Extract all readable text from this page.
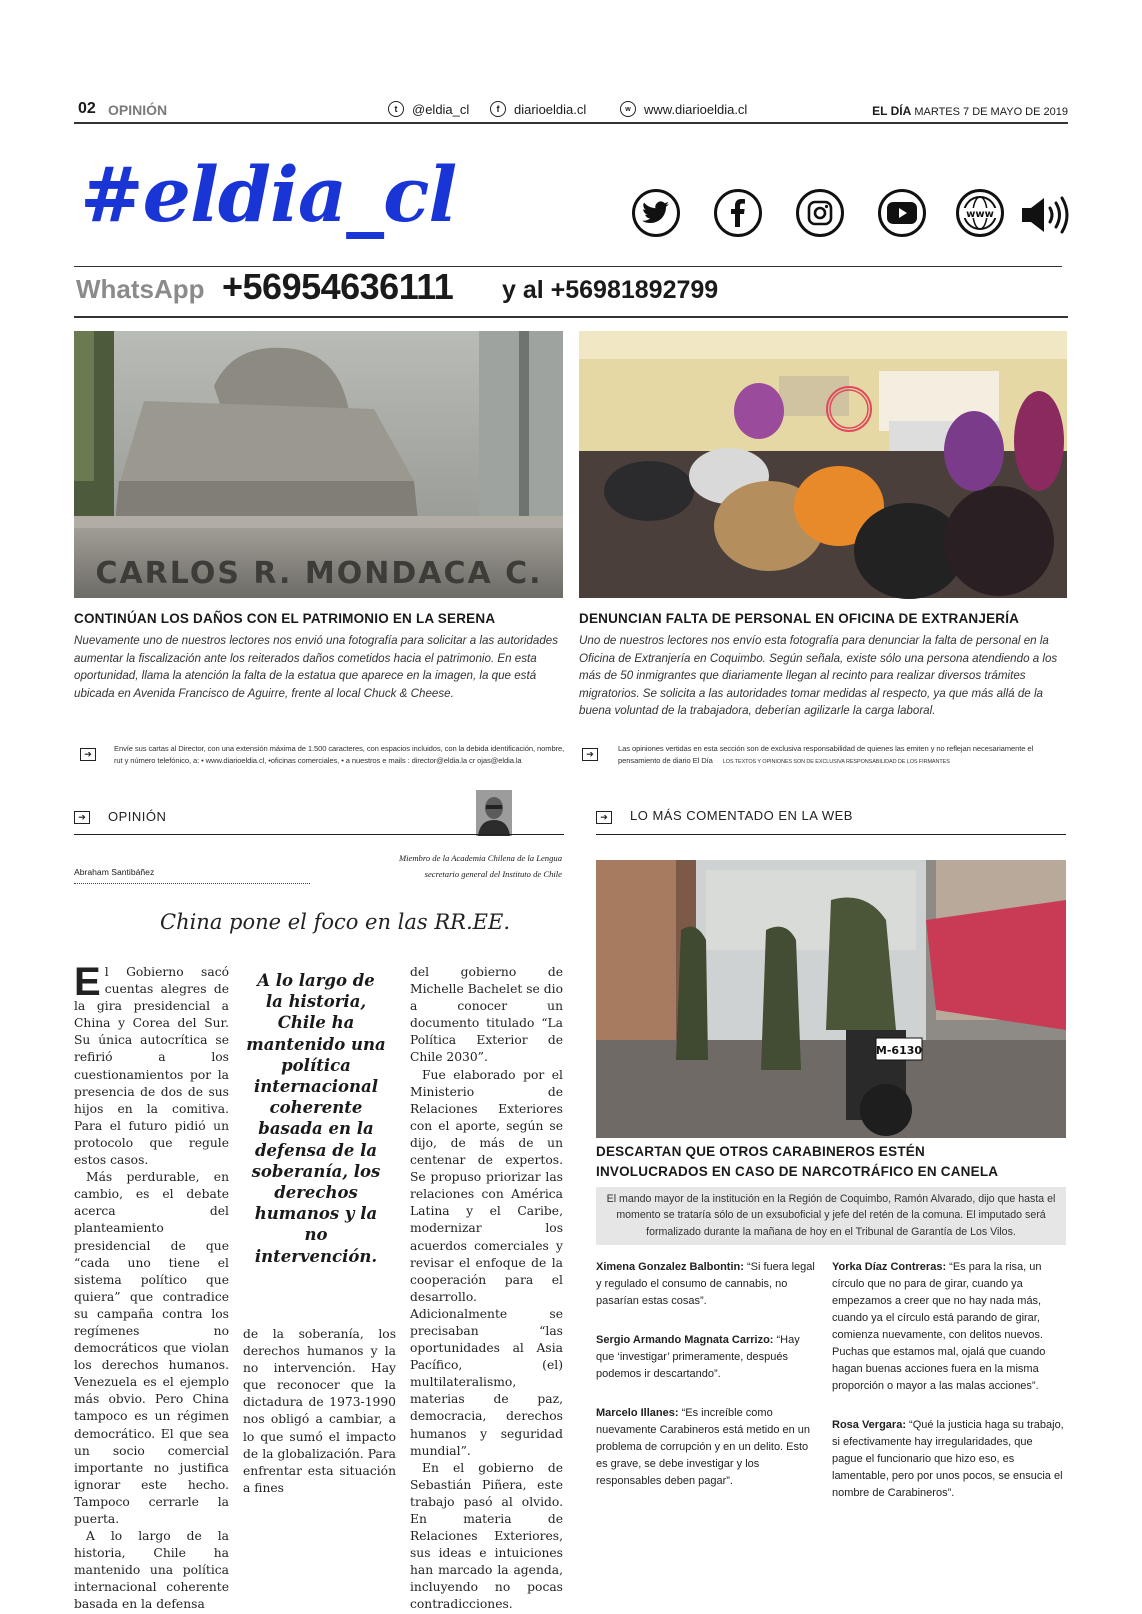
02 OPINIÓN	t	@eldia_cl	f	diarioeldia.cl	w	www.diarioeldia.cl	EL DÍA MARTES 7 DE MAYO DE 2019
#eldia_cl	www
WhatsApp +56954636111 y al +56981892799
CARLOS R. MONDACA C.
CONTINÚAN LOS DAÑOS CON EL PATRIMONIO EN LA SERENA
Nuevamente uno de nuestros lectores nos envió una fotografía para solicitar a las autoridades aumentar la fiscalización ante los reiterados daños cometidos hacia el patrimonio. En esta oportunidad, llama la atención la falta de la estatua que aparece en la imagen, la que está ubicada en Avenida Francisco de Aguirre, frente al local Chuck & Cheese.
DENUNCIAN FALTA DE PERSONAL EN OFICINA DE EXTRANJERÍA
Uno de nuestros lectores nos envío esta fotografía para denunciar la falta de personal en la Oficina de Extranjería en Coquimbo. Según señala, existe sólo una persona atendiendo a los más de 50 inmigrantes que diariamente llegan al recinto para realizar diversos trámites migratorios. Se solicita a las autoridades tomar medidas al respecto, ya que más allá de la buena voluntad de la trabajadora, deberían agilizarle la carga laboral.
➔
Envíe sus cartas al Director, con una extensión máxima de 1.500 caracteres, con espacios incluidos, con la debida identificación, nombre, rut y número telefónico, a: • www.diarioeldia.cl, •oficinas comerciales, • a nuestros e mails : director@eldia.la cr ojas@eldia.la
➔
Las opiniones vertidas en esta sección son de exclusiva responsabilidad de quienes las emiten y no reflejan necesariamente el pensamiento de diario El Día LOS TEXTOS Y OPINIONES SON DE EXCLUSIVA RESPONSABILIDAD DE LOS FIRMANTES
➔	OPINIÓN
Miembro de la Academia Chilena de la Lengua
secretario general del Instituto de Chile
Abraham Santibáñez
China pone el foco en las RR.EE.

El Gobierno sacó cuentas alegres de la gira presidencial a China y Corea del Sur. Su única autocrítica se refirió a los cuestionamientos por la presencia de dos de sus hijos en la comitiva. Para el futuro pidió un protocolo que regule estos casos.

Más perdurable, en cambio, es el debate acerca del planteamiento presidencial de que “cada uno tiene el sistema político que quiera” que contradice su campaña contra los regímenes no democráticos que violan los derechos humanos. Venezuela es el ejemplo más obvio. Pero China tampoco es un régimen democrático. El que sea un socio comercial importante no justifica ignorar este hecho. Tampoco cerrarle la puerta.

A lo largo de la historia, Chile ha mantenido una política internacional coherente basada en la defensa

A lo largo de la historia, Chile ha mantenido una política internacional coherente basada en la defensa de la soberanía, los derechos humanos y la no intervención.

de la soberanía, los derechos humanos y la no intervención. Hay que reconocer que la dictadura de 1973-1990 nos obligó a cambiar, a lo que sumó el impacto de la globalización. Para enfrentar esta situación a fines

del gobierno de Michelle Bachelet se dio a conocer un documento titulado “La Política Exterior de Chile 2030”.

Fue elaborado por el Ministerio de Relaciones Exteriores con el aporte, según se dijo, de más de un centenar de expertos. Se propuso priorizar las relaciones con América Latina y el Caribe, modernizar los acuerdos comerciales y revisar el enfoque de la cooperación para el desarrollo. Adicionalmente se precisaban “las oportunidades al Asia Pacífico, (el) multilateralismo, materias de paz, democracia, derechos humanos y seguridad mundial”.

En el gobierno de Sebastián Piñera, este trabajo pasó al olvido. En materia de Relaciones Exteriores, sus ideas e intuiciones han marcado la agenda, incluyendo no pocas contradicciones.

➔	LO MÁS COMENTADO EN LA WEB
M-6130
DESCARTAN QUE OTROS CARABINEROS ESTÉN
INVOLUCRADOS EN CASO DE NARCOTRÁFICO EN CANELA
El mando mayor de la institución en la Región de Coquimbo, Ramón Alvarado, dijo que hasta el momento se trataría sólo de un exsuboficial y jefe del retén de la comuna. El imputado será formalizado durante la mañana de hoy en el Tribunal de Garantía de Los Vilos.
Ximena Gonzalez Balbontin: “Si fuera legal y regulado el consumo de cannabis, no pasarían estas cosas”.
Sergio Armando Magnata Carrizo: “Hay que ‘investigar’ primeramente, después podemos ir descartando”.
Marcelo Illanes: “Es increíble como nuevamente Carabineros está metido en un problema de corrupción y en un delito. Esto es grave, se debe investigar y los responsables deben pagar”.
Yorka Díaz Contreras: “Es para la risa, un círculo que no para de girar, cuando ya empezamos a creer que no hay nada más, cuando ya el círculo está parando de girar, comienza nuevamente, con delitos nuevos. Puchas que estamos mal, ojalá que cuando hagan buenas acciones fuera en la misma proporción o mayor a las malas acciones”.
Rosa Vergara: “Qué la justicia haga su trabajo, si efectivamente hay irregularidades, que pague el funcionario que hizo eso, es lamentable, pero por unos pocos, se ensucia el nombre de Carabineros”.
